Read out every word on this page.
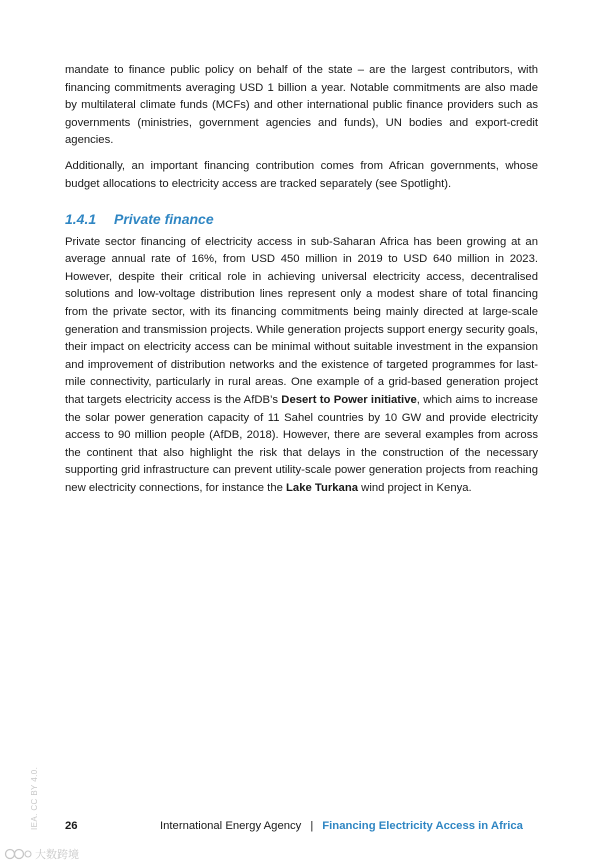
mandate to finance public policy on behalf of the state – are the largest contributors, with financing commitments averaging USD 1 billion a year. Notable commitments are also made by multilateral climate funds (MCFs) and other international public finance providers such as governments (ministries, government agencies and funds), UN bodies and export-credit agencies.

Additionally, an important financing contribution comes from African governments, whose budget allocations to electricity access are tracked separately (see Spotlight).

1.4.1	Private finance

Private sector financing of electricity access in sub-Saharan Africa has been growing at an average annual rate of 16%, from USD 450 million in 2019 to USD 640 million in 2023. However, despite their critical role in achieving universal electricity access, decentralised solutions and low-voltage distribution lines represent only a modest share of total financing from the private sector, with its financing commitments being mainly directed at large-scale generation and transmission projects. While generation projects support energy security goals, their impact on electricity access can be minimal without suitable investment in the expansion and improvement of distribution networks and the existence of targeted programmes for last-mile connectivity, particularly in rural areas. One example of a grid-based generation project that targets electricity access is the AfDB’s Desert to Power initiative, which aims to increase the solar power generation capacity of 11 Sahel countries by 10 GW and provide electricity access to 90 million people (AfDB, 2018). However, there are several examples from across the continent that also highlight the risk that delays in the construction of the necessary supporting grid infrastructure can prevent utility-scale power generation projects from reaching new electricity connections, for instance the Lake Turkana wind project in Kenya.

IEA. CC BY 4.0. 26	International Energy Agency | Financing Electricity Access in Africa
大数跨境
